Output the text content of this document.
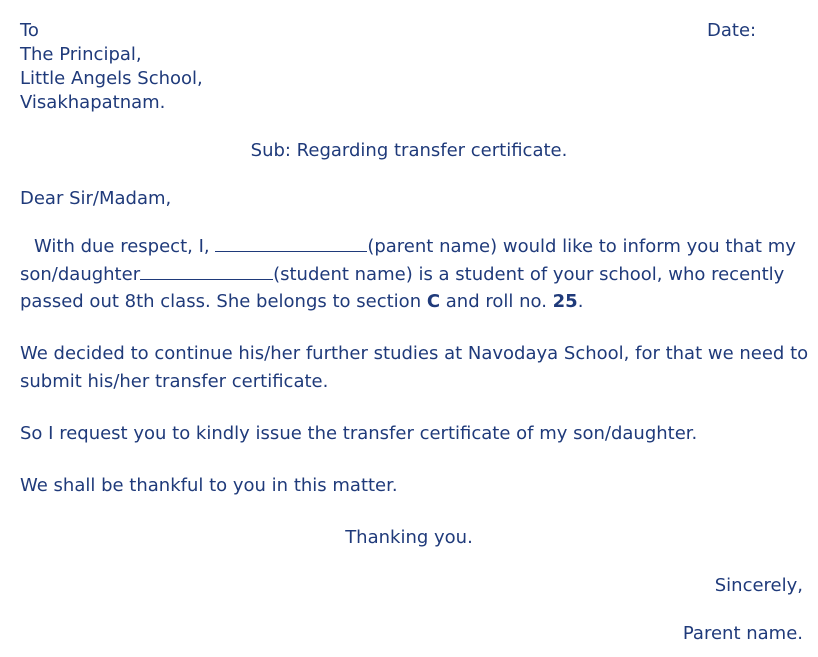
To	Date:
The Principal,
Little Angels School,
Visakhapatnam.
Sub: Regarding transfer certificate.
Dear Sir/Madam,
With due respect, I,	(parent name) would like to inform you that my
son/daughter	(student name) is a student of your school, who recently
passed out 8th class. She belongs to section C and roll no. 25.
We decided to continue his/her further studies at Navodaya School, for that we need to
submit his/her transfer certificate.
So I request you to kindly issue the transfer certificate of my son/daughter.
We shall be thankful to you in this matter.
Thanking you.
Sincerely,
Parent name.
